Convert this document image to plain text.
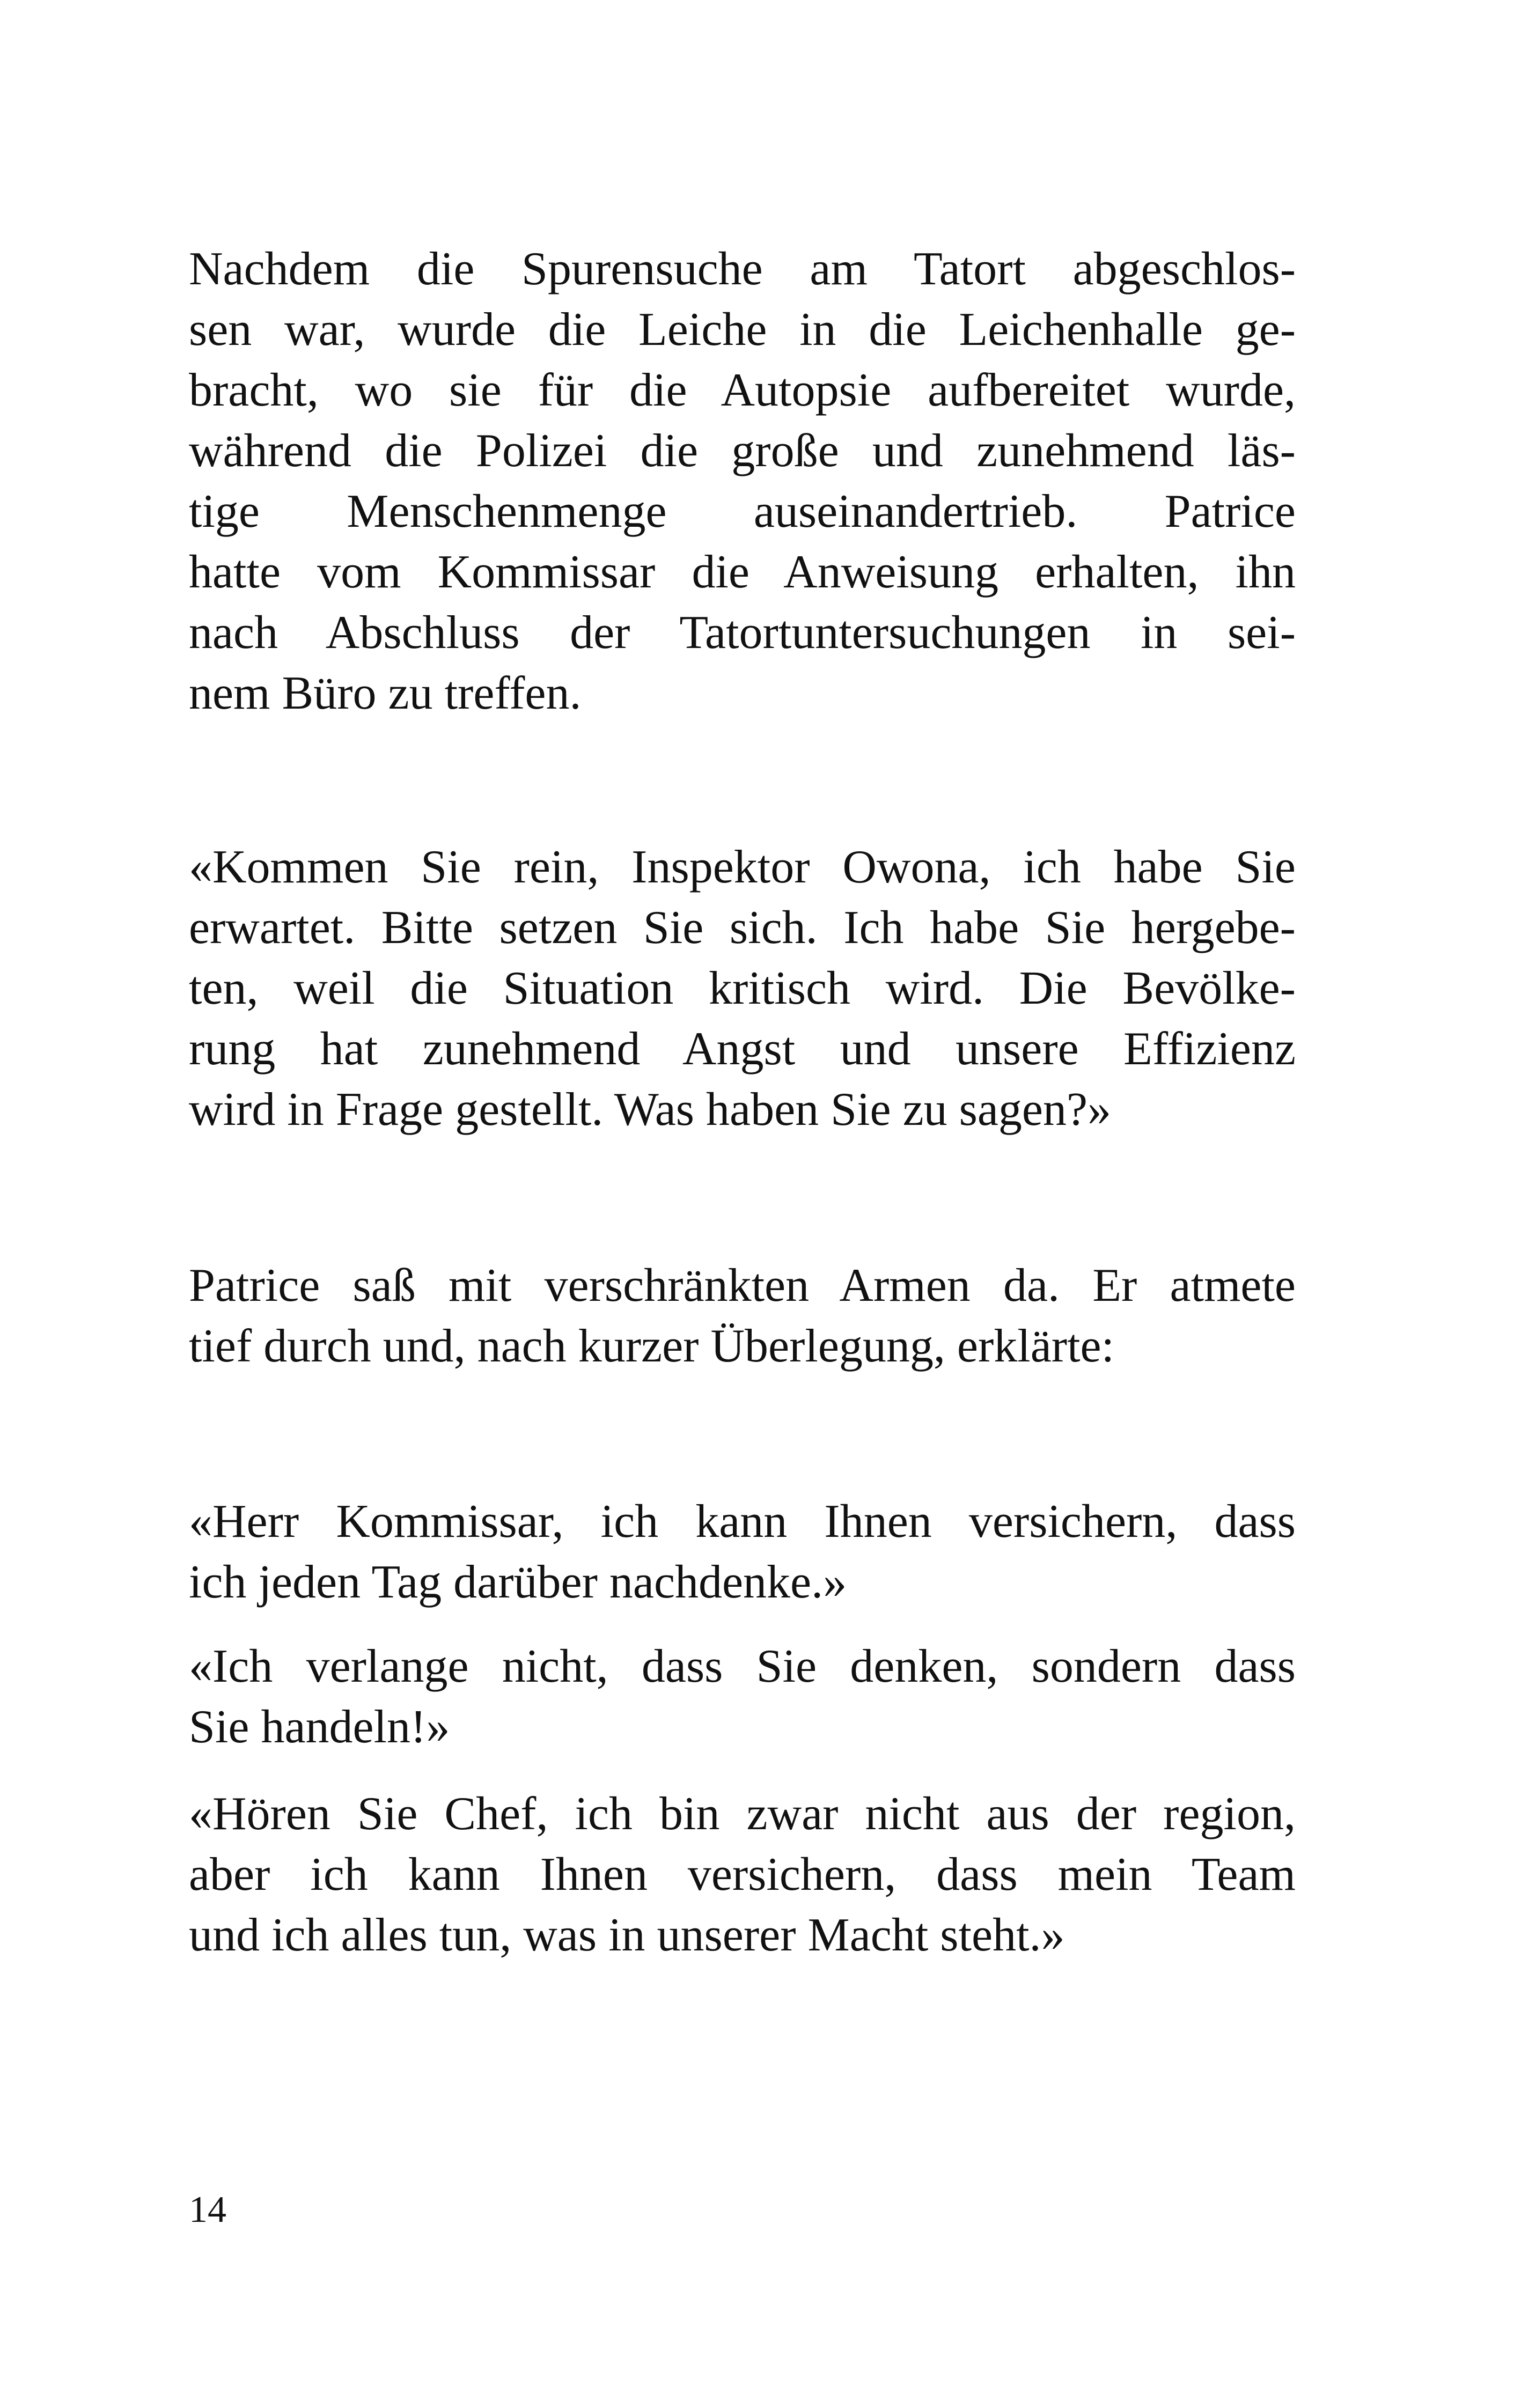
Nachdem die Spurensuche am Tatort abgeschlos-
sen war, wurde die Leiche in die Leichenhalle ge-
bracht, wo sie für die Autopsie aufbereitet wurde,
während die Polizei die große und zunehmend läs-
tige Menschenmenge auseinandertrieb. Patrice
hatte vom Kommissar die Anweisung erhalten, ihn
nach Abschluss der Tatortuntersuchungen in sei-
nem Büro zu treffen.

«Kommen Sie rein, Inspektor Owona, ich habe Sie
erwartet. Bitte setzen Sie sich. Ich habe Sie hergebe-
ten, weil die Situation kritisch wird. Die Bevölke-
rung hat zunehmend Angst und unsere Effizienz
wird in Frage gestellt. Was haben Sie zu sagen?»

Patrice saß mit verschränkten Armen da. Er atmete
tief durch und, nach kurzer Überlegung, erklärte:

«Herr Kommissar, ich kann Ihnen versichern, dass
ich jeden Tag darüber nachdenke.»

«Ich verlange nicht, dass Sie denken, sondern dass
Sie handeln!»

«Hören Sie Chef, ich bin zwar nicht aus der region,
aber ich kann Ihnen versichern, dass mein Team
und ich alles tun, was in unserer Macht steht.»

14
